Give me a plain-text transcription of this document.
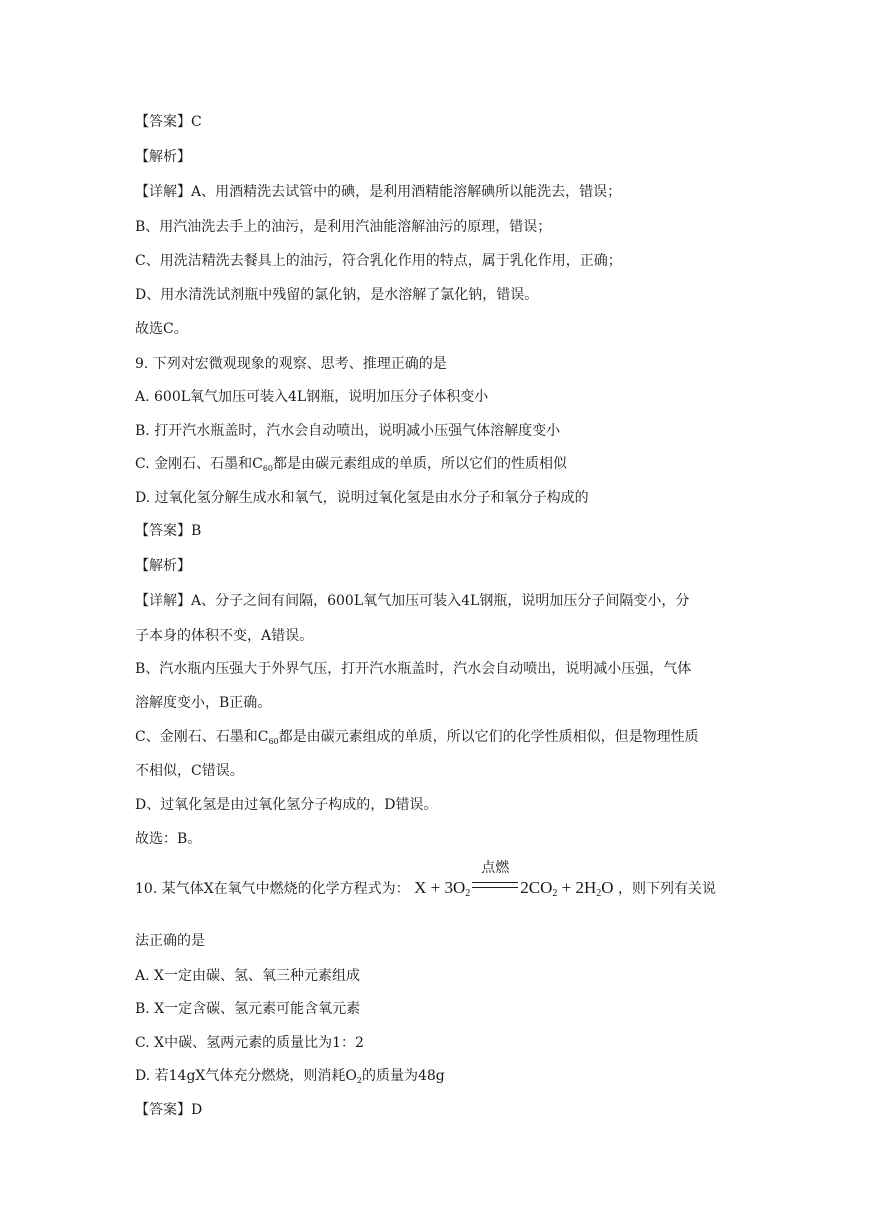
【答案】C
【解析】
【详解】A、用酒精洗去试管中的碘，是利用酒精能溶解碘所以能洗去，错误；
B、用汽油洗去手上的油污，是利用汽油能溶解油污的原理，错误；
C、用洗洁精洗去餐具上的油污，符合乳化作用的特点，属于乳化作用，正确；
D、用水清洗试剂瓶中残留的氯化钠，是水溶解了氯化钠，错误。
故选C。
9. 下列对宏微观现象的观察、思考、推理正确的是
A. 600L氧气加压可装入4L钢瓶，说明加压分子体积变小
B. 打开汽水瓶盖时，汽水会自动喷出，说明减小压强气体溶解度变小
C. 金刚石、石墨和$C_{60}$都是由碳元素组成的单质，所以它们的性质相似
D. 过氧化氢分解生成水和氧气，说明过氧化氢是由水分子和氧分子构成的
【答案】B
【解析】
【详解】A、分子之间有间隔，600L氧气加压可装入4L钢瓶，说明加压分子间隔变小，分
子本身的体积不变，A错误。
B、汽水瓶内压强大于外界气压，打开汽水瓶盖时，汽水会自动喷出，说明减小压强，气体
溶解度变小，B正确。
C、金刚石、石墨和$C_{60}$都是由碳元素组成的单质，所以它们的化学性质相似，但是物理性质
不相似，C错误。
D、过氧化氢是由过氧化氢分子构成的，D错误。
故选：B。
10. 某气体X在氧气中燃烧的化学方程式为： $X + 3O_2$
点燃
$2CO_2 + 2H_2O$ ，则下列有关说
法正确的是
A. X一定由碳、氢、氧三种元素组成
B. X一定含碳、氢元素可能含氧元素
C. X中碳、氢两元素的质量比为1：2
D. 若14gX气体充分燃烧，则消耗$O_2$的质量为48g
【答案】D
